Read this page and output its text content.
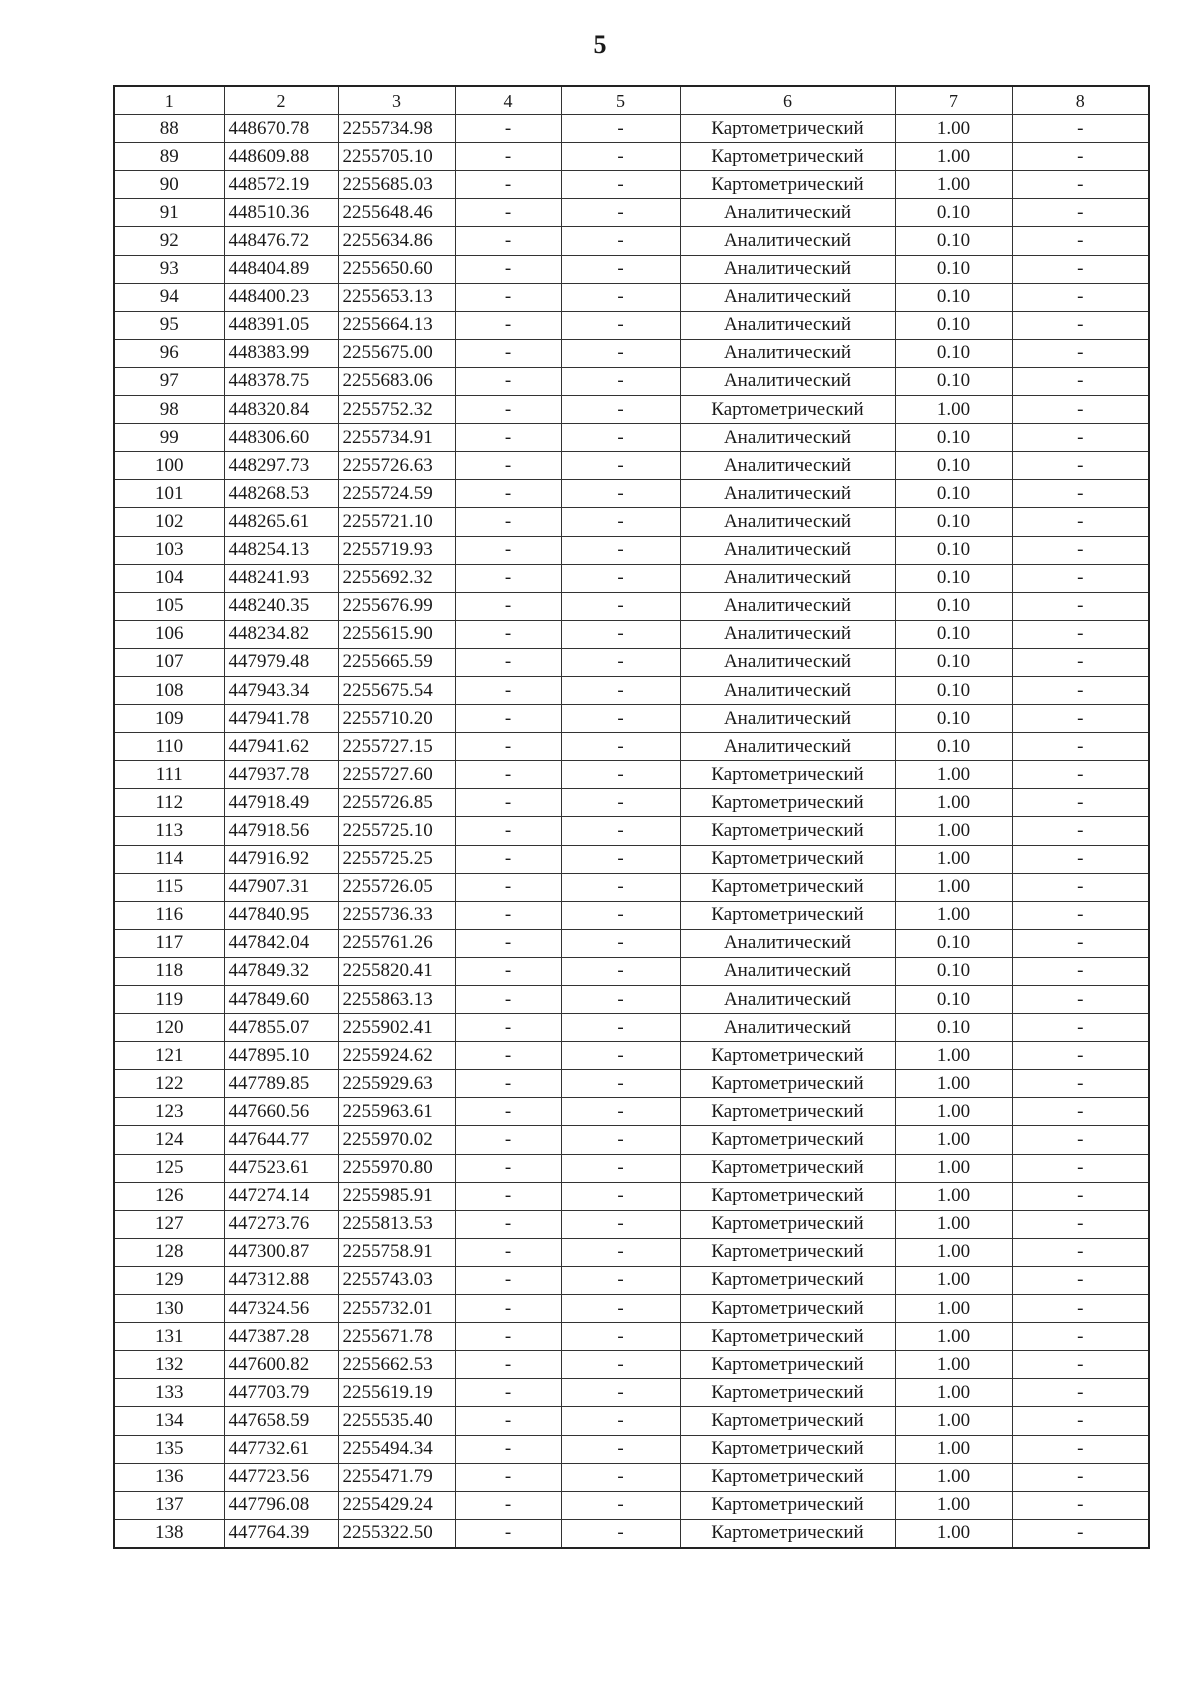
5
1	2	3	4	5	6	7	8
88	448670.78	2255734.98	-	-	Картометрический	1.00	-
89	448609.88	2255705.10	-	-	Картометрический	1.00	-
90	448572.19	2255685.03	-	-	Картометрический	1.00	-
91	448510.36	2255648.46	-	-	Аналитический	0.10	-
92	448476.72	2255634.86	-	-	Аналитический	0.10	-
93	448404.89	2255650.60	-	-	Аналитический	0.10	-
94	448400.23	2255653.13	-	-	Аналитический	0.10	-
95	448391.05	2255664.13	-	-	Аналитический	0.10	-
96	448383.99	2255675.00	-	-	Аналитический	0.10	-
97	448378.75	2255683.06	-	-	Аналитический	0.10	-
98	448320.84	2255752.32	-	-	Картометрический	1.00	-
99	448306.60	2255734.91	-	-	Аналитический	0.10	-
100	448297.73	2255726.63	-	-	Аналитический	0.10	-
101	448268.53	2255724.59	-	-	Аналитический	0.10	-
102	448265.61	2255721.10	-	-	Аналитический	0.10	-
103	448254.13	2255719.93	-	-	Аналитический	0.10	-
104	448241.93	2255692.32	-	-	Аналитический	0.10	-
105	448240.35	2255676.99	-	-	Аналитический	0.10	-
106	448234.82	2255615.90	-	-	Аналитический	0.10	-
107	447979.48	2255665.59	-	-	Аналитический	0.10	-
108	447943.34	2255675.54	-	-	Аналитический	0.10	-
109	447941.78	2255710.20	-	-	Аналитический	0.10	-
110	447941.62	2255727.15	-	-	Аналитический	0.10	-
111	447937.78	2255727.60	-	-	Картометрический	1.00	-
112	447918.49	2255726.85	-	-	Картометрический	1.00	-
113	447918.56	2255725.10	-	-	Картометрический	1.00	-
114	447916.92	2255725.25	-	-	Картометрический	1.00	-
115	447907.31	2255726.05	-	-	Картометрический	1.00	-
116	447840.95	2255736.33	-	-	Картометрический	1.00	-
117	447842.04	2255761.26	-	-	Аналитический	0.10	-
118	447849.32	2255820.41	-	-	Аналитический	0.10	-
119	447849.60	2255863.13	-	-	Аналитический	0.10	-
120	447855.07	2255902.41	-	-	Аналитический	0.10	-
121	447895.10	2255924.62	-	-	Картометрический	1.00	-
122	447789.85	2255929.63	-	-	Картометрический	1.00	-
123	447660.56	2255963.61	-	-	Картометрический	1.00	-
124	447644.77	2255970.02	-	-	Картометрический	1.00	-
125	447523.61	2255970.80	-	-	Картометрический	1.00	-
126	447274.14	2255985.91	-	-	Картометрический	1.00	-
127	447273.76	2255813.53	-	-	Картометрический	1.00	-
128	447300.87	2255758.91	-	-	Картометрический	1.00	-
129	447312.88	2255743.03	-	-	Картометрический	1.00	-
130	447324.56	2255732.01	-	-	Картометрический	1.00	-
131	447387.28	2255671.78	-	-	Картометрический	1.00	-
132	447600.82	2255662.53	-	-	Картометрический	1.00	-
133	447703.79	2255619.19	-	-	Картометрический	1.00	-
134	447658.59	2255535.40	-	-	Картометрический	1.00	-
135	447732.61	2255494.34	-	-	Картометрический	1.00	-
136	447723.56	2255471.79	-	-	Картометрический	1.00	-
137	447796.08	2255429.24	-	-	Картометрический	1.00	-
138	447764.39	2255322.50	-	-	Картометрический	1.00	-
